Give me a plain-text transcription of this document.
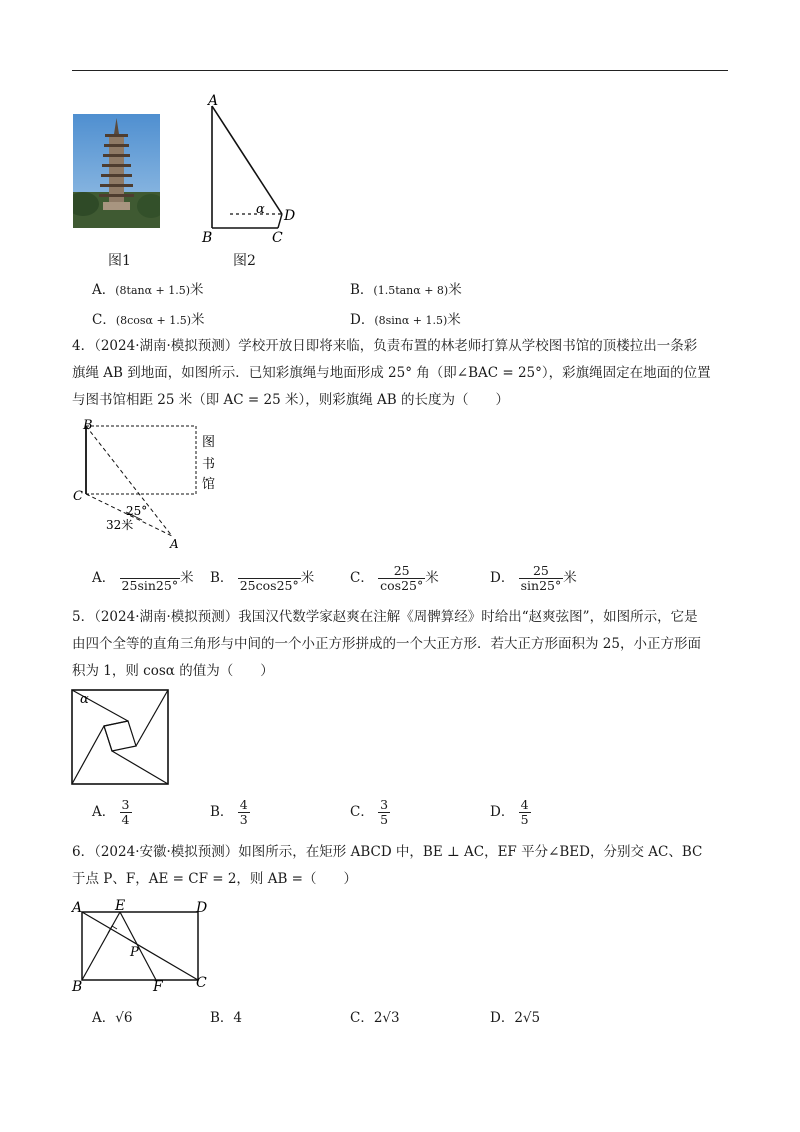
A
B	C
D
α
图1	图2
A．(8tanα + 1.5)米	B．(1.5tanα + 8)米
C．(8cosα + 1.5)米	D．(8sinα + 1.5)米
4．（2024·湖南·模拟预测）学校开放日即将来临，负责布置的林老师打算从学校图书馆的顶楼拉出一条彩
旗绳 AB 到地面，如图所示．已知彩旗绳与地面形成 25° 角（即∠BAC = 25°），彩旗绳固定在地面的位置
与图书馆相距 25 米（即 AC = 25 米），则彩旗绳 AB 的长度为（　　）
B
C
A
25°
32米
图
书
馆
A．
25sin25° 米 B．
25cos25° 米	C． $\frac{25}{\cos 25^\circ}$ 米	D． $\frac{25}{\sin 25^\circ}$ 米
5．（2024·湖南·模拟预测）我国汉代数学家赵爽在注解《周髀算经》时给出“赵爽弦图”，如图所示，它是
由四个全等的直角三角形与中间的一个小正方形拼成的一个大正方形．若大正方形面积为 25，小正方形面
积为 1，则 cosα 的值为（　　）
α
A． $\frac{3}{4}$	B． $\frac{4}{3}$	C． $\frac{3}{5}$	D． $\frac{4}{5}$
6．（2024·安徽·模拟预测）如图所示，在矩形 ABCD 中，BE ⊥ AC，EF 平分∠BED，分别交 AC、BC
于点 P、F，AE = CF = 2，则 AB =（　　）
A E	D
B	F C
P
A．√6	B．4	C．2√3	D．2√5
